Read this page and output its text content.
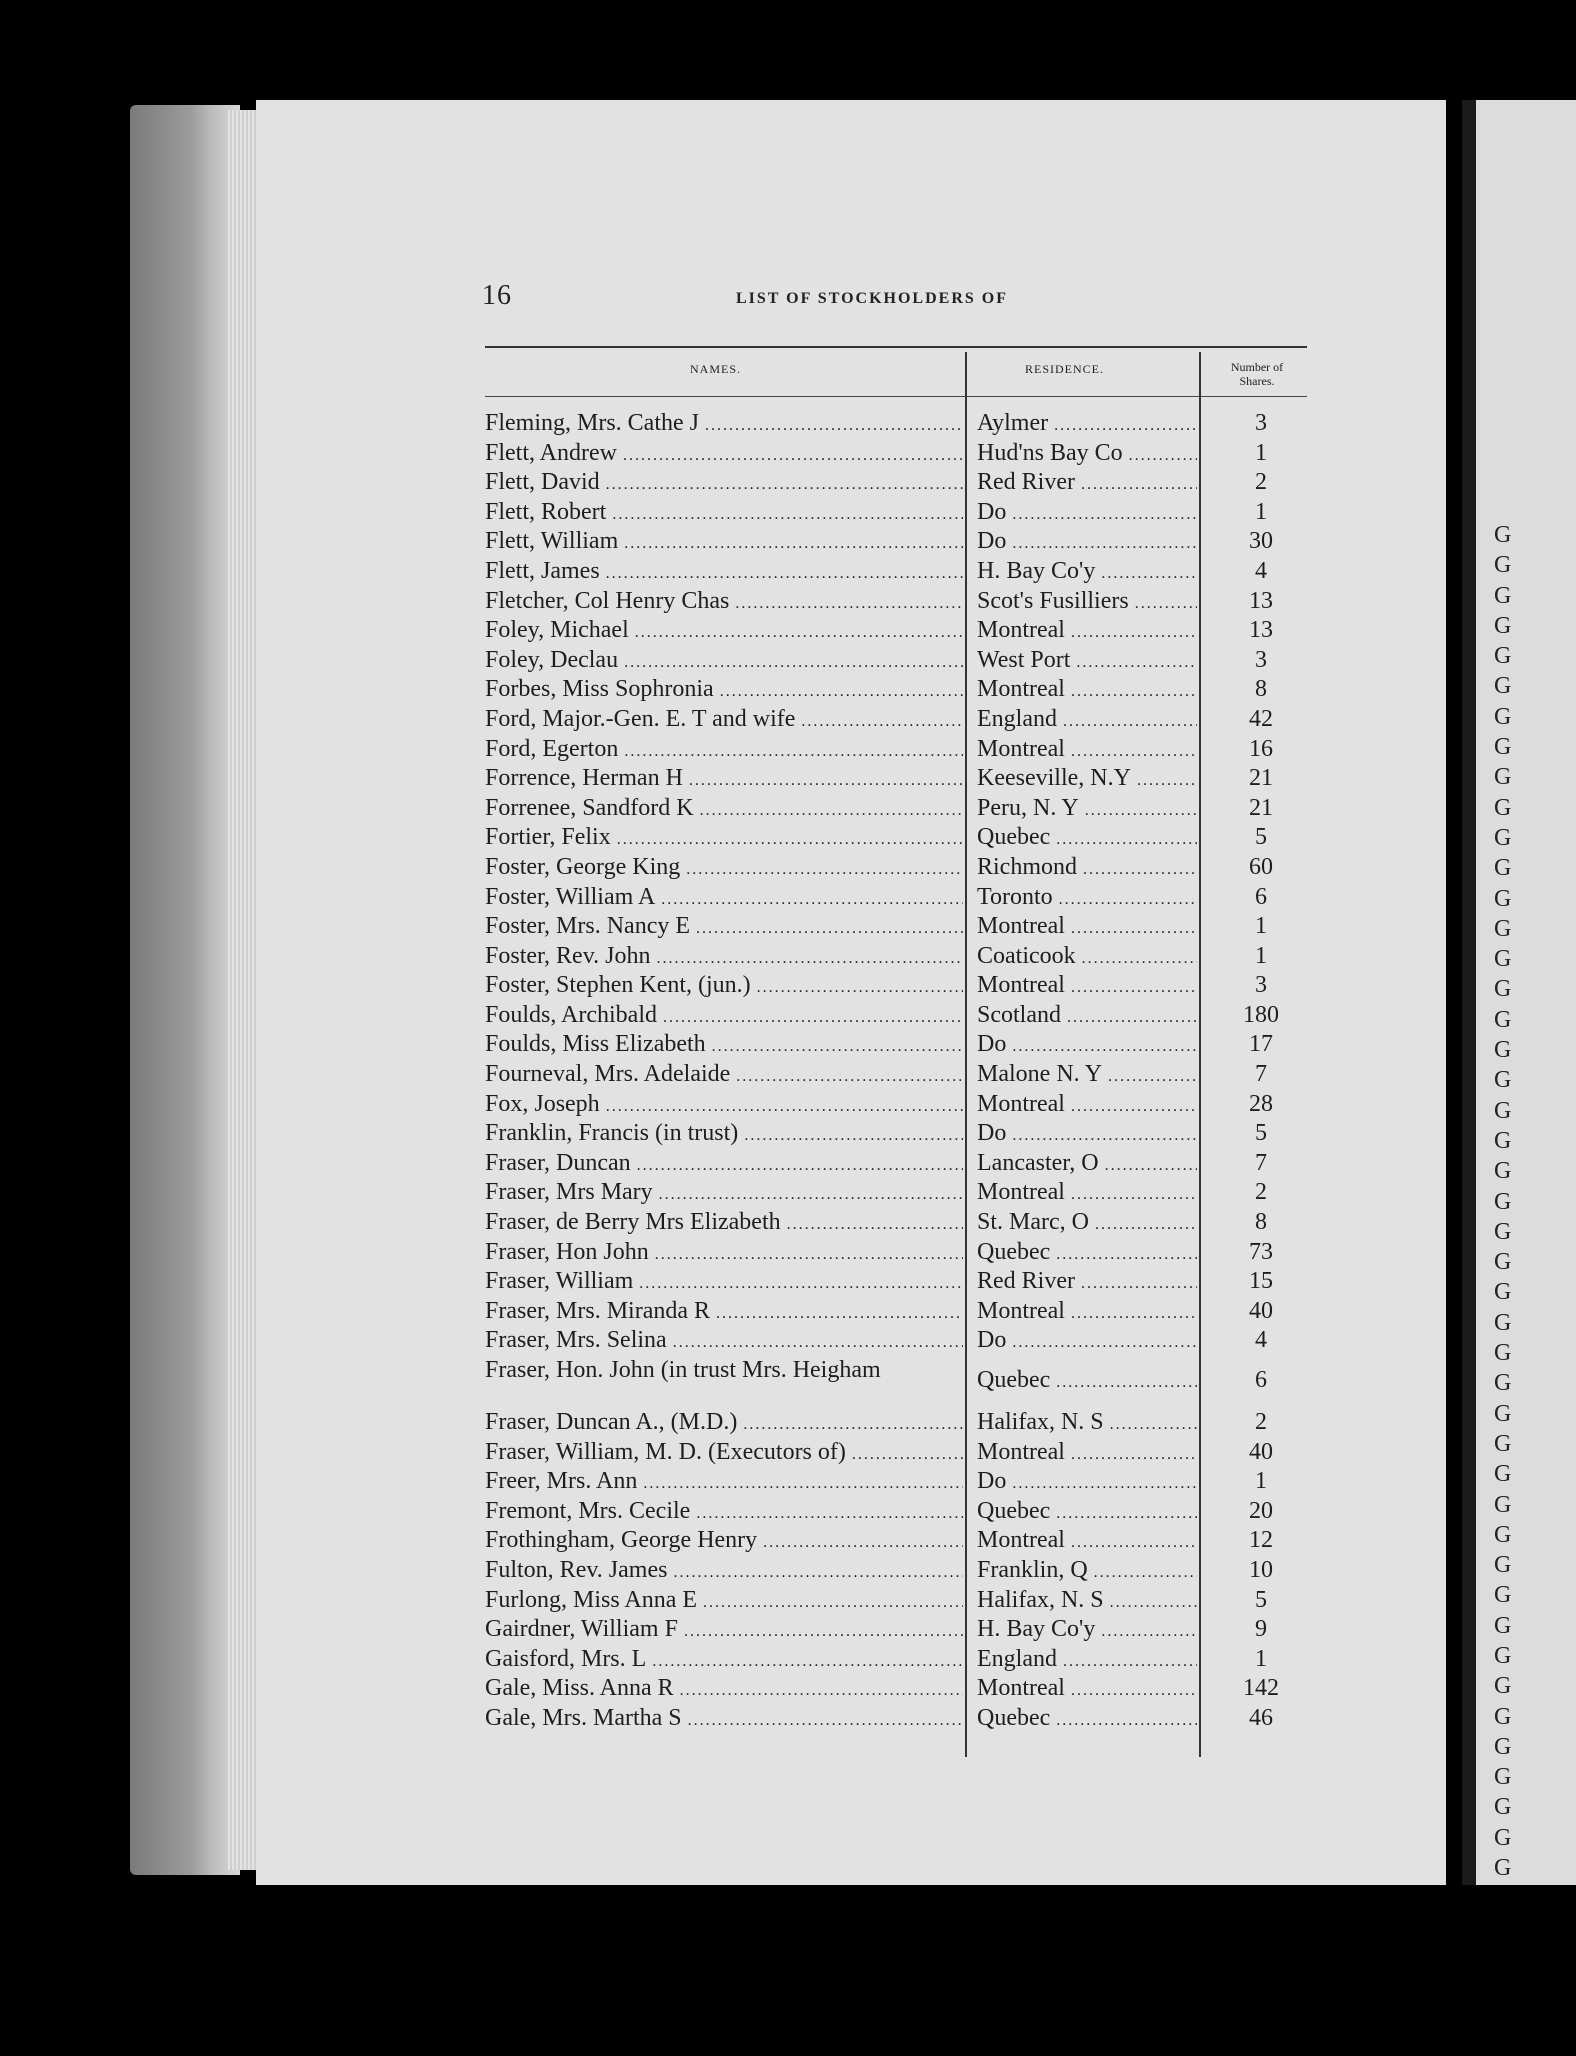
G
G
G
G
G
G
G
G
G
G
G
G
G
G
G
G
G
G
G
G
G
G
G
G
G
G
G
G
G
G
G
G
G
G
G
G
G
G
G
G
G
G
G
G
G
16	LIST OF STOCKHOLDERS OF
NAMES.	RESIDENCE.	Number of
Shares.
Fleming, Mrs. Cathe J .....	Aylmer .....	3
Flett, Andrew .....	Hud'ns Bay Co .....	1
Flett, David .....	Red River .....	2
Flett, Robert .....	Do .....	1
Flett, William .....	Do .....	30
Flett, James .....	H. Bay Co'y .....	4
Fletcher, Col Henry Chas .....	Scot's Fusilliers .....	13
Foley, Michael .....	Montreal .....	13
Foley, Declau .....	West Port .....	3
Forbes, Miss Sophronia .....	Montreal .....	8
Ford, Major.-Gen. E. T and wife .....	England .....	42
Ford, Egerton .....	Montreal .....	16
Forrence, Herman H .....	Keeseville, N.Y .....	21
Forrenee, Sandford K .....	Peru, N. Y .....	21
Fortier, Felix .....	Quebec .....	5
Foster, George King .....	Richmond .....	60
Foster, William A .....	Toronto .....	6
Foster, Mrs. Nancy E .....	Montreal .....	1
Foster, Rev. John .....	Coaticook .....	1
Foster, Stephen Kent, (jun.) .....	Montreal .....	3
Foulds, Archibald .....	Scotland .....	180
Foulds, Miss Elizabeth .....	Do .....	17
Fourneval, Mrs. Adelaide .....	Malone N. Y .....	7
Fox, Joseph .....	Montreal .....	28
Franklin, Francis (in trust) .....	Do .....	5
Fraser, Duncan .....	Lancaster, O .....	7
Fraser, Mrs Mary .....	Montreal .....	2
Fraser, de Berry Mrs Elizabeth .....	St. Marc, O .....	8
Fraser, Hon John .....	Quebec .....	73
Fraser, William .....	Red River .....	15
Fraser, Mrs. Miranda R .....	Montreal .....	40
Fraser, Mrs. Selina .....	Do .....	4
Fraser, Hon. John (in trust Mrs. Heigham	Quebec .....	6
Fraser, Duncan A., (M.D.) .....	Halifax, N. S .....	2
Fraser, William, M. D. (Executors of) .....	Montreal .....	40
Freer, Mrs. Ann .....	Do .....	1
Fremont, Mrs. Cecile .....	Quebec .....	20
Frothingham, George Henry .....	Montreal .....	12
Fulton, Rev. James .....	Franklin, Q .....	10
Furlong, Miss Anna E .....	Halifax, N. S .....	5
Gairdner, William F .....	H. Bay Co'y .....	9
Gaisford, Mrs. L .....	England .....	1
Gale, Miss. Anna R .....	Montreal .....	142
Gale, Mrs. Martha S .....	Quebec .....	46
